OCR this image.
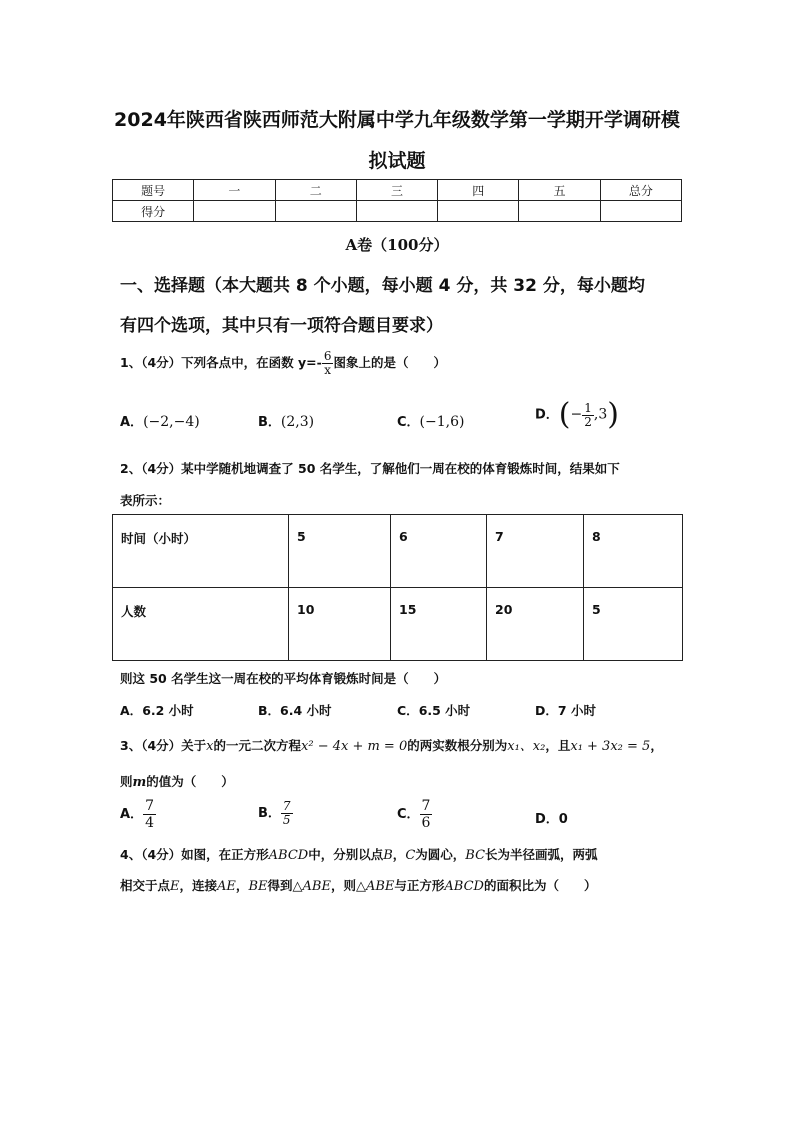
2024年陕西省陕西师范大附属中学九年级数学第一学期开学调研模
拟试题
题号	一	二	三	四	五	总分
得分						
A卷（100分）
一、选择题（本大题共 8 个小题，每小题 4 分，共 32 分，每小题均
有四个选项，其中只有一项符合题目要求）
1、（4分）下列各点中，在函数 $y=- \frac{6}{x}$ 图象上的是（　　）
A．(−2,−4)	B．(2,3)	C．(−1,6)	D．(− $\frac{1}{2} ,3$)
2、（4分）某中学随机地调查了 50 名学生，了解他们一周在校的体育锻炼时间，结果如下
表所示：
时间（小时）	5	6	7	8
人数	10	15	20	5
则这 50 名学生这一周在校的平均体育锻炼时间是（　　）
A．6.2 小时	B．6.4 小时	C．6.5 小时	D．7 小时
3、（4分）关于x的一元二次方程x² − 4x + m = 0的两实数根分别为x₁、x₂，且x₁ + 3x₂ = 5，
则m的值为（　　）
A． $\frac{7}{4}$	B． $\frac{7}{5}$	C． $\frac{7}{6}$	D．0
4、（4分）如图，在正方形ABCD中，分别以点B，C为圆心，BC长为半径画弧，两弧
相交于点E，连接AE，BE得到△ABE，则△ABE与正方形ABCD的面积比为（　　）
